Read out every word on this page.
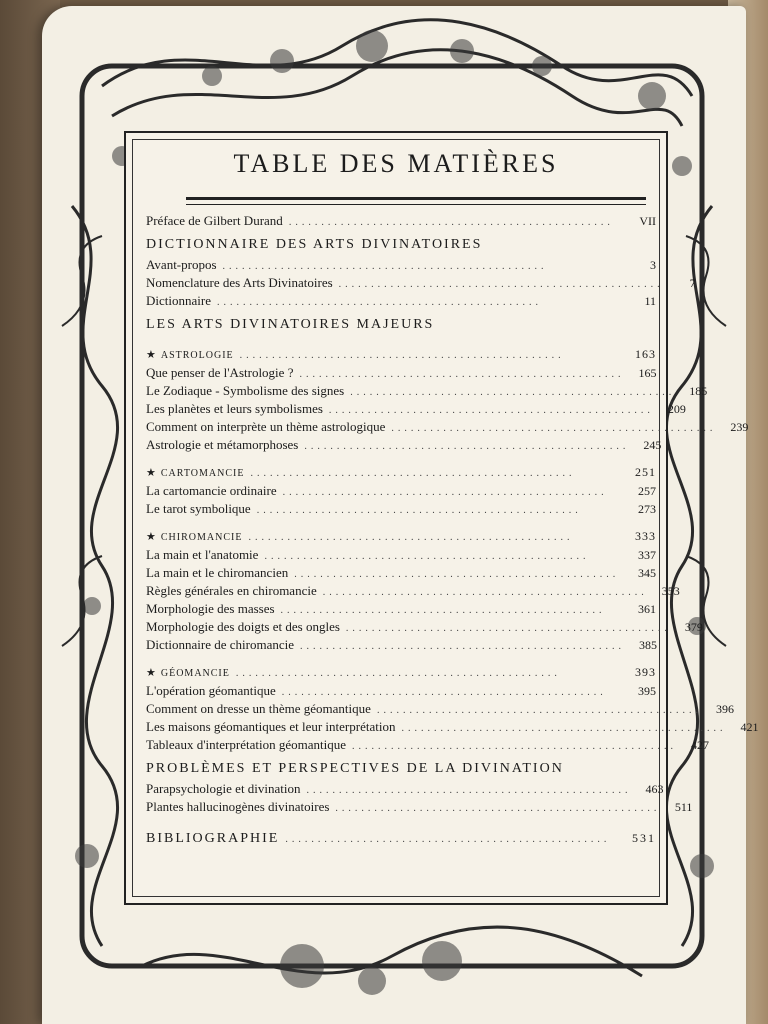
TABLE DES MATIÈRES
Préface de Gilbert Durand ..................................................	VII
DICTIONNAIRE DES ARTS DIVINATOIRES
Avant-propos ..................................................	3
Nomenclature des Arts Divinatoires ..................................................	7
Dictionnaire ..................................................	11
LES ARTS DIVINATOIRES MAJEURS
★ ASTROLOGIE ..................................................	163
Que penser de l'Astrologie ? ..................................................	165
Le Zodiaque - Symbolisme des signes ..................................................	185
Les planètes et leurs symbolismes ..................................................	209
Comment on interprète un thème astrologique ..................................................	239
Astrologie et métamorphoses ..................................................	245
★ CARTOMANCIE ..................................................	251
La cartomancie ordinaire ..................................................	257
Le tarot symbolique ..................................................	273
★ CHIROMANCIE ..................................................	333
La main et l'anatomie ..................................................	337
La main et le chiromancien ..................................................	345
Règles générales en chiromancie ..................................................	353
Morphologie des masses ..................................................	361
Morphologie des doigts et des ongles ..................................................	379
Dictionnaire de chiromancie ..................................................	385
★ GÉOMANCIE ..................................................	393
L'opération géomantique ..................................................	395
Comment on dresse un thème géomantique ..................................................	396
Les maisons géomantiques et leur interprétation ..................................................	421
Tableaux d'interprétation géomantique ..................................................	427
PROBLÈMES ET PERSPECTIVES DE LA DIVINATION
Parapsychologie et divination ..................................................	463
Plantes hallucinogènes divinatoires ..................................................	511
BIBLIOGRAPHIE ..................................................	531
